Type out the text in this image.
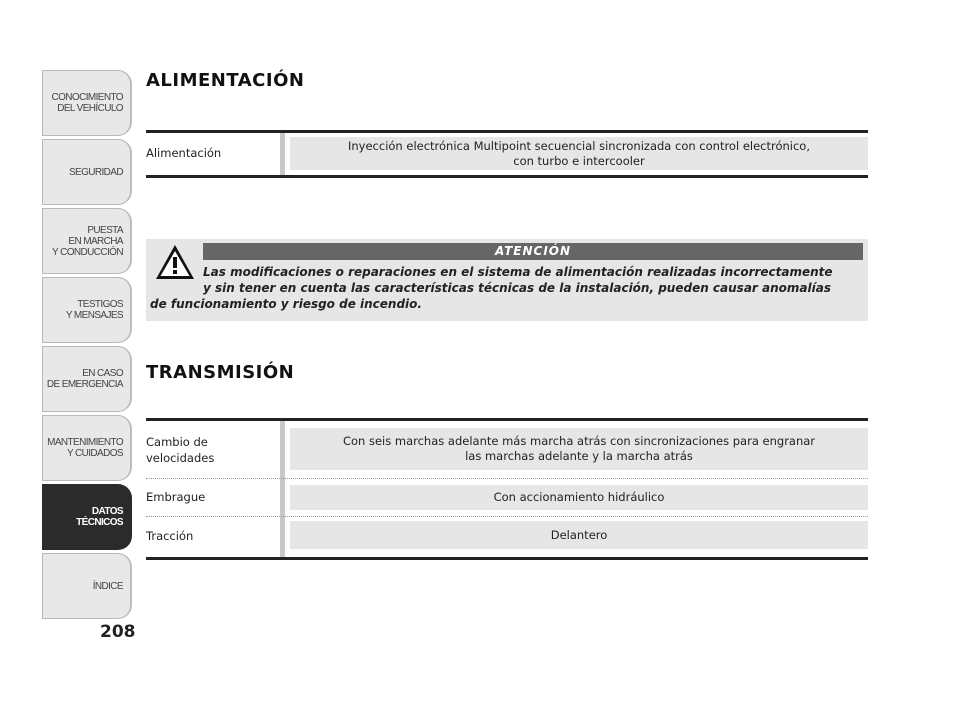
CONOCIMIENTO
DEL VEHÍCULO
SEGURIDAD
PUESTA
EN MARCHA
Y CONDUCCIÓN
TESTIGOS
Y MENSAJES
EN CASO
DE EMERGENCIA
MANTENIMIENTO
Y CUIDADOS
DATOS TÉCNICOS
ÍNDICE
208
ALIMENTACIÓN
Alimentación
Inyección electrónica Multipoint secuencial sincronizada con control electrónico,
con turbo e intercooler
ATENCIÓN

Las modificaciones o reparaciones en el sistema de alimentación realizadas incorrectamente
y sin tener en cuenta las características técnicas de la instalación, pueden causar anomalías
de funcionamiento y riesgo de incendio.

TRANSMISIÓN
Cambio de
velocidades
Con seis marchas adelante más marcha atrás con sincronizaciones para engranar
las marchas adelante y la marcha atrás
Embrague	Con accionamiento hidráulico
Tracción	Delantero
